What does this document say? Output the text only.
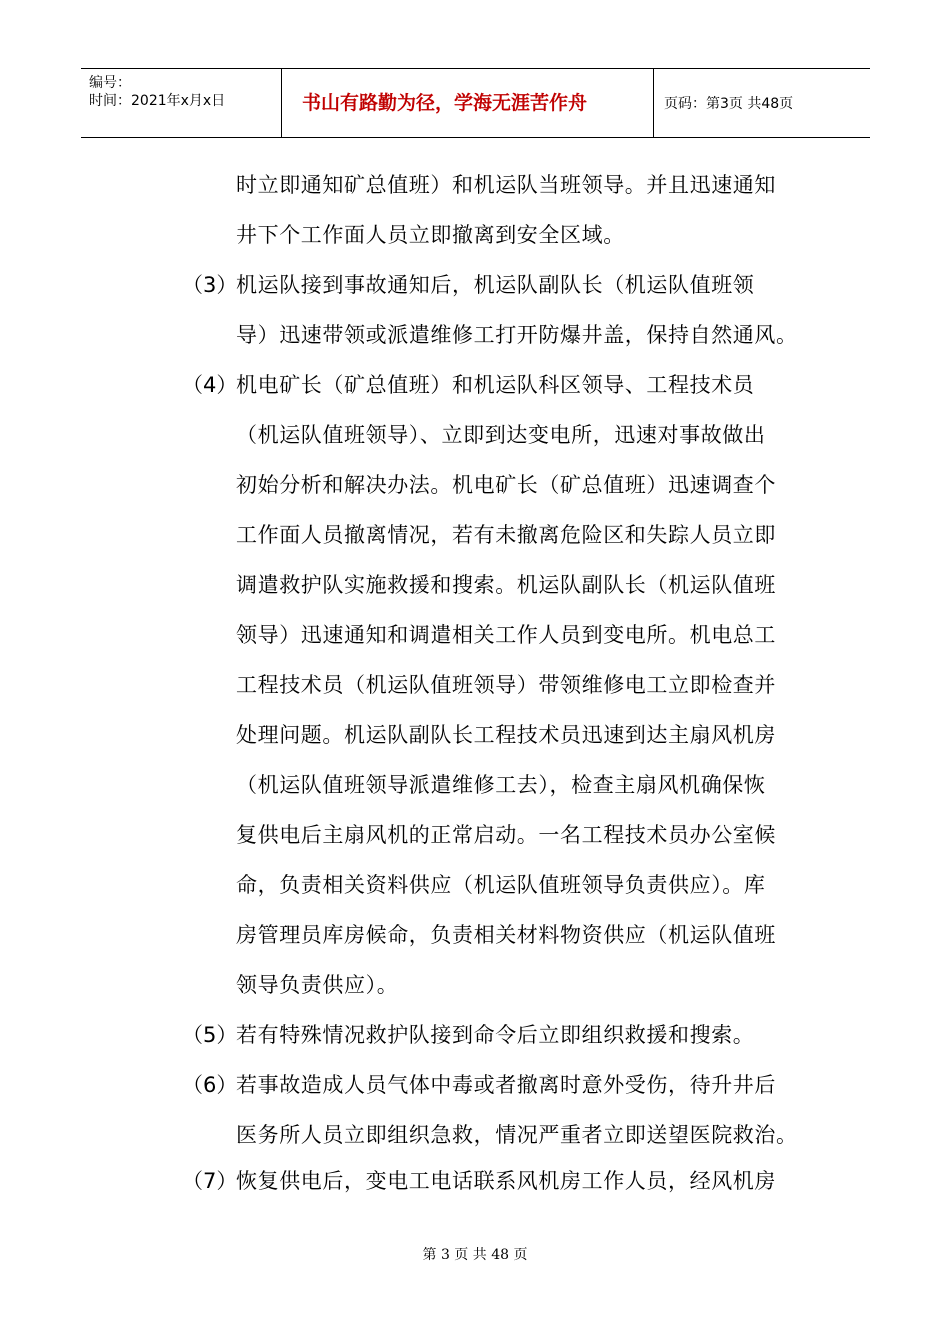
编号：
时间：2021年x月x日	书山有路勤为径，学海无涯苦作舟	页码：第3页 共48页
时立即通知矿总值班）和机运队当班领导。并且迅速通知
井下个工作面人员立即撤离到安全区域。
（3）
机运队接到事故通知后，机运队副队长（机运队值班领
导）迅速带领或派遣维修工打开防爆井盖，保持自然通风。
（4）
机电矿长（矿总值班）和机运队科区领导、工程技术员
（机运队值班领导）、立即到达变电所，迅速对事故做出
初始分析和解决办法。机电矿长（矿总值班）迅速调查个
工作面人员撤离情况，若有未撤离危险区和失踪人员立即
调遣救护队实施救援和搜索。机运队副队长（机运队值班
领导）迅速通知和调遣相关工作人员到变电所。机电总工
工程技术员（机运队值班领导）带领维修电工立即检查并
处理问题。机运队副队长工程技术员迅速到达主扇风机房
（机运队值班领导派遣维修工去），检查主扇风机确保恢
复供电后主扇风机的正常启动。一名工程技术员办公室候
命，负责相关资料供应（机运队值班领导负责供应）。库
房管理员库房候命，负责相关材料物资供应（机运队值班
领导负责供应）。
（5）
若有特殊情况救护队接到命令后立即组织救援和搜索。
（6）
若事故造成人员气体中毒或者撤离时意外受伤，待升井后
医务所人员立即组织急救，情况严重者立即送望医院救治。
（7）
恢复供电后，变电工电话联系风机房工作人员，经风机房
第 3 页 共 48 页
